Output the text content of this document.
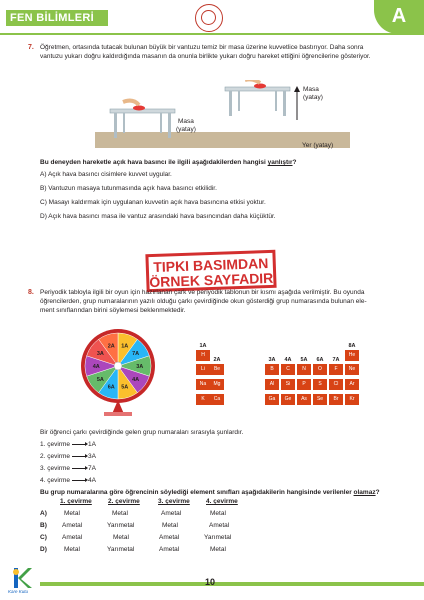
FEN BİLİMLERİ	A
7. Öğretmen, ortasında tutacak bulunan büyük bir vantuzu temiz bir masa üzerine kuvvetlice bastırıyor. Daha sonra
vantuzu yukarı doğru kaldırdığında masanın da onunla birlikte yukarı doğru hareket ettiğini öğrencilerine gösteriyor.
Masa
(yatay)
Masa
(yatay)
Yer (yatay)
Bu deneyden hareketle açık hava basıncı ile ilgili aşağıdakilerden hangisi yanlıştır?
A) Açık hava basıncı cisimlere kuvvet uygular.
B) Vantuzun masaya tutunmasında açık hava basıncı etkilidir.
C) Masayı kaldırmak için uygulanan kuvvetin açık hava basıncına etkisi yoktur.
D) Açık hava basıncı masa ile vantuz arasındaki hava basıncından daha küçüktür.
TIPKI BASIMDAN
ÖRNEK SAYFADIR
8. Periyodik tabloyla ilgili bir oyun için hazırlanan çark ve periyodik tablonun bir kısmı aşağıda verilmiştir. Bu oyunda
öğrencilerden, grup numaralarının yazılı olduğu çarkı çevirdiğinde okun gösterdiği grup numarasında bulunan ele-
ment sınıflarından birini söylemesi beklenmektedir.
1A
7A
3A
4A
5A
6A
5A
4A
3A
2A	1A
2A	3A	4A	5A	6A	7A
8A
H	He
Li	Be	B	C	N	O	F	Ne
Na	Mg	Al	Si	P	S	Cl	Ar
K	Ca	Ga	Ge	As	Se	Br	Kr
Bir öğrenci çarkı çevirdiğinde gelen grup numaraları sırasıyla şunlardır.
1. çevirme	1A
2. çevirme	3A
3. çevirme	7A
4. çevirme	4A
Bu grup numaralarına göre öğrencinin söylediği element sınıfları aşağıdakilerin hangisinde verilenler olamaz?
1. çevirme 2. çevirme	3. çevirme 4. çevirme
A)	Metal	Metal	Ametal	Metal
B) Ametal	Yarımetal	Metal	Ametal
C) Ametal	Metal	Ametal	Yarımetal
D)	Metal	Yarımetal	Ametal	Metal
Kare Kutu
10
